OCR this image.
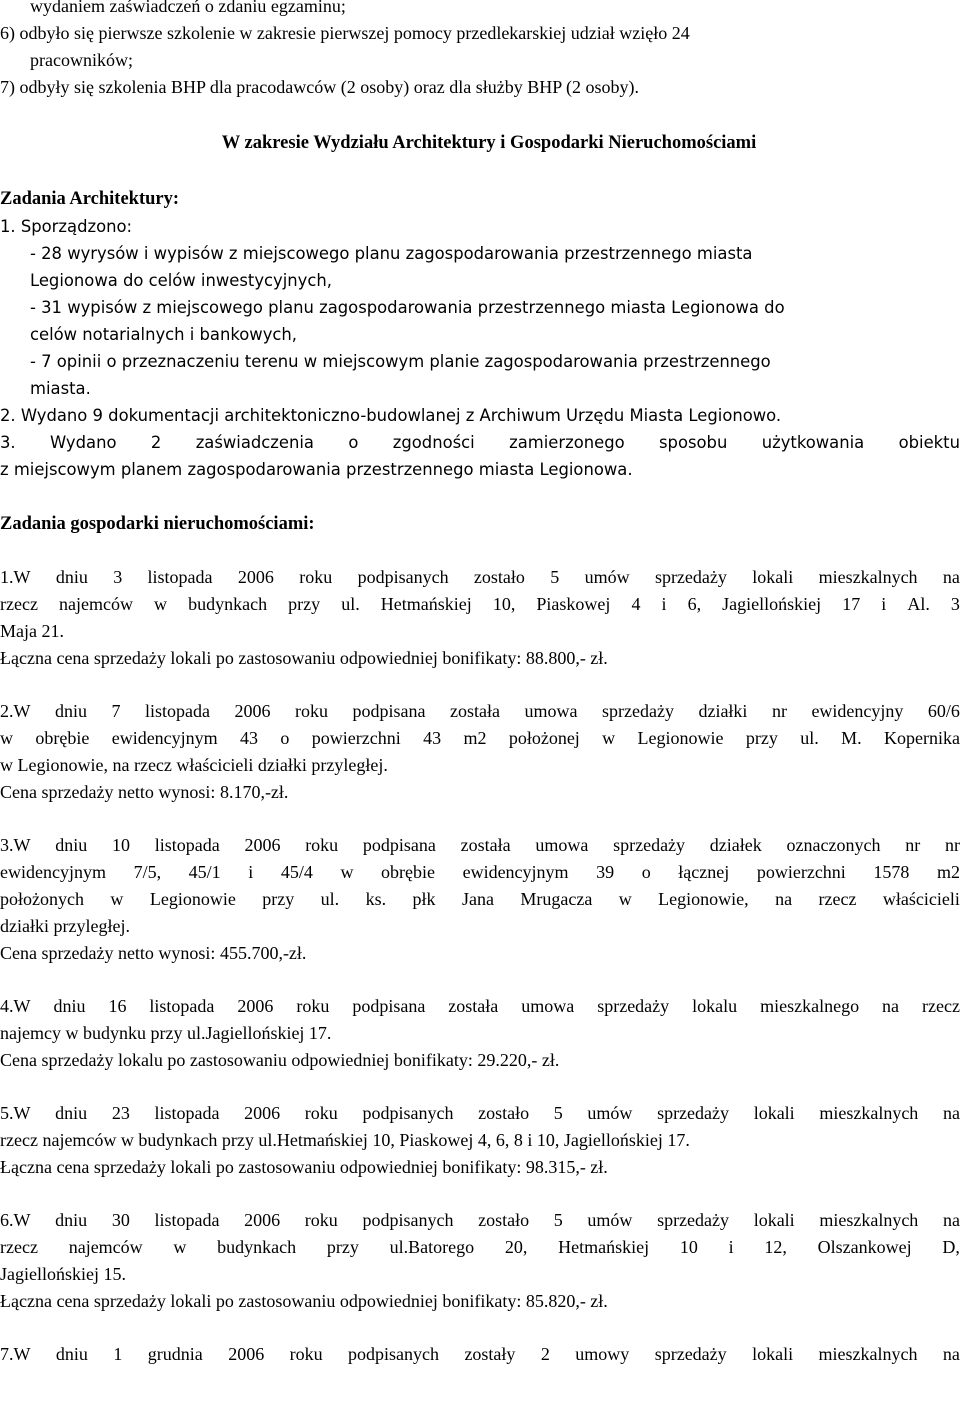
wydaniem zaświadczeń o zdaniu egzaminu;
6) odbyło się pierwsze szkolenie w zakresie pierwszej pomocy przedlekarskiej udział wzięło 24
pracowników;
7) odbyły się szkolenia BHP dla pracodawców (2 osoby) oraz dla służby BHP (2 osoby).
W zakresie Wydziału Architektury i Gospodarki Nieruchomościami
Zadania Architektury:
1. Sporządzono:
- 28 wyrysów i wypisów z miejscowego planu zagospodarowania przestrzennego miasta
Legionowa do celów inwestycyjnych,
- 31 wypisów z miejscowego planu zagospodarowania przestrzennego miasta Legionowa do
celów notarialnych i bankowych,
- 7 opinii o przeznaczeniu terenu w miejscowym planie zagospodarowania przestrzennego
miasta.
2. Wydano 9 dokumentacji architektoniczno-budowlanej z Archiwum Urzędu Miasta Legionowo.
3. Wydano 2 zaświadczenia o zgodności zamierzonego sposobu użytkowania obiektu
z miejscowym planem zagospodarowania przestrzennego miasta Legionowa.
Zadania gospodarki nieruchomościami:
1.W dniu 3 listopada 2006 roku podpisanych zostało 5 umów sprzedaży lokali mieszkalnych na
rzecz najemców w budynkach przy ul. Hetmańskiej 10, Piaskowej 4 i 6, Jagiellońskiej 17 i Al. 3
Maja 21.
Łączna cena sprzedaży lokali po zastosowaniu odpowiedniej bonifikaty: 88.800,- zł.
2.W dniu 7 listopada 2006 roku podpisana została umowa sprzedaży działki nr ewidencyjny 60/6
w obrębie ewidencyjnym 43 o powierzchni 43 m2 położonej w Legionowie przy ul. M. Kopernika
w Legionowie, na rzecz właścicieli działki przyległej.
Cena sprzedaży netto wynosi: 8.170,-zł.
3.W dniu 10 listopada 2006 roku podpisana została umowa sprzedaży działek oznaczonych nr nr
ewidencyjnym 7/5, 45/1 i 45/4 w obrębie ewidencyjnym 39 o łącznej powierzchni 1578 m2
położonych w Legionowie przy ul. ks. płk Jana Mrugacza w Legionowie, na rzecz właścicieli
działki przyległej.
Cena sprzedaży netto wynosi: 455.700,-zł.
4.W dniu 16 listopada 2006 roku podpisana została umowa sprzedaży lokalu mieszkalnego na rzecz
najemcy w budynku przy ul.Jagiellońskiej 17.
Cena sprzedaży lokalu po zastosowaniu odpowiedniej bonifikaty: 29.220,- zł.
5.W dniu 23 listopada 2006 roku podpisanych zostało 5 umów sprzedaży lokali mieszkalnych na
rzecz najemców w budynkach przy ul.Hetmańskiej 10, Piaskowej 4, 6, 8 i 10, Jagiellońskiej 17.
Łączna cena sprzedaży lokali po zastosowaniu odpowiedniej bonifikaty: 98.315,- zł.
6.W dniu 30 listopada 2006 roku podpisanych zostało 5 umów sprzedaży lokali mieszkalnych na
rzecz najemców w budynkach przy ul.Batorego 20, Hetmańskiej 10 i 12, Olszankowej D,
Jagiellońskiej 15.
Łączna cena sprzedaży lokali po zastosowaniu odpowiedniej bonifikaty: 85.820,- zł.
7.W dniu 1 grudnia 2006 roku podpisanych zostały 2 umowy sprzedaży lokali mieszkalnych na
